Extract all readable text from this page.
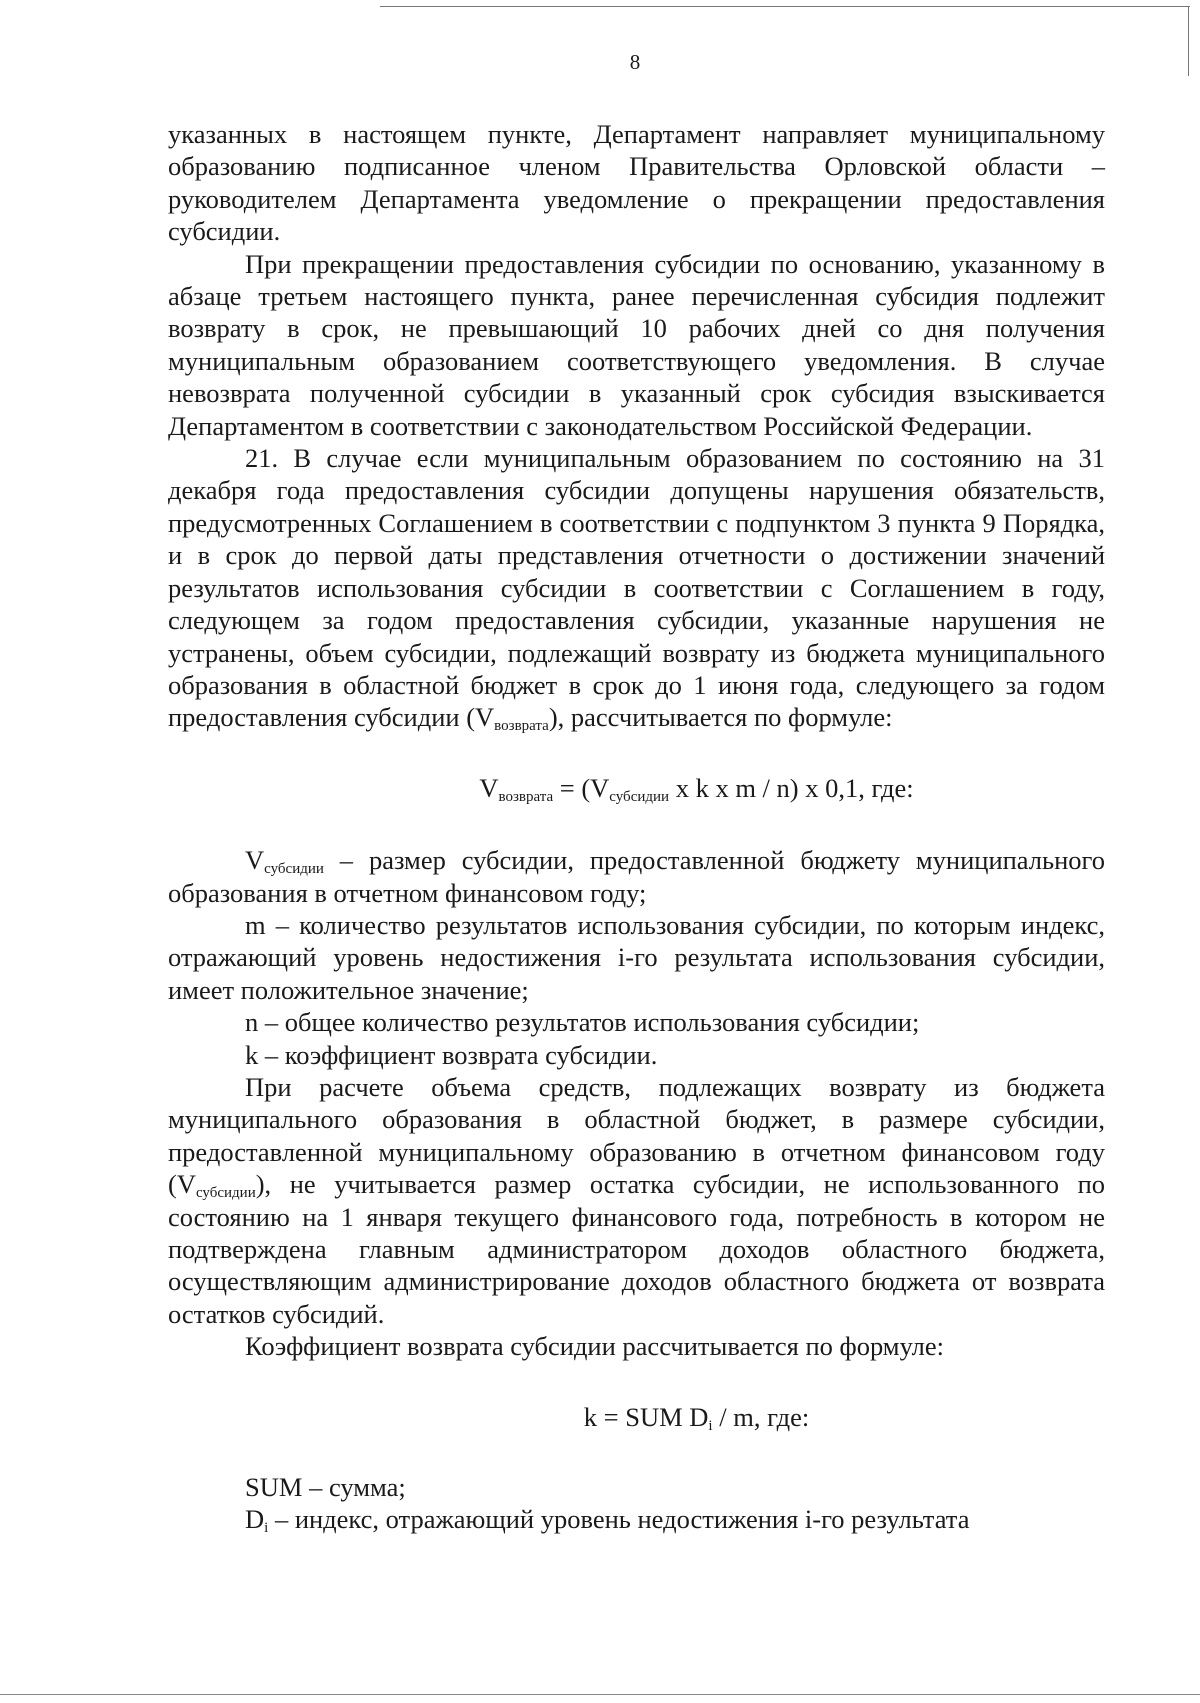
8

указанных в настоящем пункте, Департамент направляет муниципальному образованию подписанное членом Правительства Орловской области – руководителем Департамента уведомление о прекращении предоставления субсидии.

При прекращении предоставления субсидии по основанию, указанному в абзаце третьем настоящего пункта, ранее перечисленная субсидия подлежит возврату в срок, не превышающий 10 рабочих дней со дня получения муниципальным образованием соответствующего уведомления. В случае невозврата полученной субсидии в указанный срок субсидия взыскивается Департаментом в соответствии с законодательством Российской Федерации.

21. В случае если муниципальным образованием по состоянию на 31 декабря года предоставления субсидии допущены нарушения обязательств, предусмотренных Соглашением в соответствии с подпунктом 3 пункта 9 Порядка, и в срок до первой даты представления отчетности о достижении значений результатов использования субсидии в соответствии с Соглашением в году, следующем за годом предоставления субсидии, указанные нарушения не устранены, объем субсидии, подлежащий возврату из бюджета муниципального образования в областной бюджет в срок до 1 июня года, следующего за годом предоставления субсидии $(V_{возврата})$, рассчитывается по формуле:

$V_{возврата} = (V_{субсидии}$ x k x m / n) x 0,1, где:

$V_{субсидии}$ – размер субсидии, предоставленной бюджету муниципального образования в отчетном финансовом году;

m – количество результатов использования субсидии, по которым индекс, отражающий уровень недостижения i-го результата использования субсидии, имеет положительное значение;

n – общее количество результатов использования субсидии;

k – коэффициент возврата субсидии.

При расчете объема средств, подлежащих возврату из бюджета муниципального образования в областной бюджет, в размере субсидии, предоставленной муниципальному образованию в отчетном финансовом году $(V_{субсидии})$, не учитывается размер остатка субсидии, не использованного по состоянию на 1 января текущего финансового года, потребность в котором не подтверждена главным администратором доходов областного бюджета, осуществляющим администрирование доходов областного бюджета от возврата остатков субсидий.

Коэффициент возврата субсидии рассчитывается по формуле:

k = SUM $D_i$ / m, где:

SUM – сумма;

$D_i$ – индекс, отражающий уровень недостижения i-го результата
